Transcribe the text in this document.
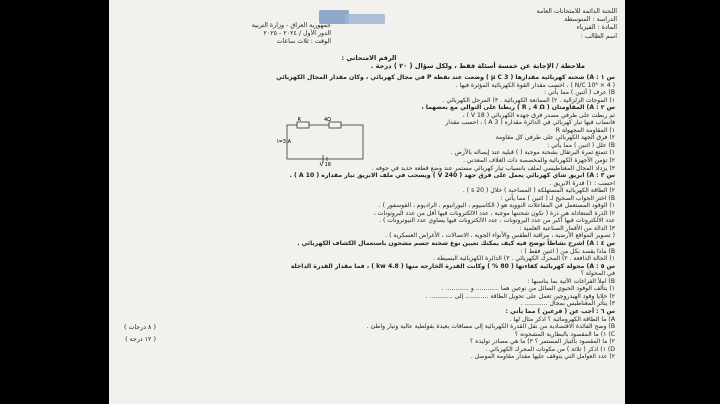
اللجنة الدائمة للامتحانات العامة
الدراسة : المتوسطة
المادة : الفيزياء
اسم الطالب :
جمهورية العراق - وزارة التربية
الدور الأول / ٢٠٢٤ - ٢٠٢٥
الوقت : ثلاث ساعات
الرقم الامتحاني :
ملاحظة / الإجابة عن خمسة أسئلة فقط ، ولكل سؤال ( ٢٠ ) درجة .
س ١ : A) شحنة كهربائية مقدارها ( 3 μ C ) وضعت عند نقطة P في مجال كهربائي ، وكان مقدار المجال الكهربائي
( 4 × 10⁶ N/C ) ، احسب مقدار القوة الكهربائية المؤثرة فيها .
B) عرف ( أثنين ) مما يأتي :
١) الموجات الزلزالية . ٢) الممانعة الكهربائية . ٣) المرحل الكهربائي .
س ٢ : A) المقاومتان ( R , 4 Ω ) ربطتا على التوالي مع بعضهما ،
ثم ربطت على طرفي مصدر فرق جهده الكهربائي ( 18 V ) ،
فانساب فيها تيار كهربائي في الدائرة مقداره ( 3 A ) ، احسب مقدار
١) المقاومة المجهولة R
٢) فرق الجهد الكهربائي على طرفي كل مقاومة
B) علل ( اثنين ) مما يأتي :
١) تتمتع ثمرة البرتقال بشحنة موجبة ( ) قبلية عند إيصاله بالأرض .
٢) تؤمن الأجهزة الكهربائية والمخصصة ذات الغلاف المعدني .
٣) يزداد المجال المغناطيسي لملف بانسياب تيار كهربائي مستمر عند وضع قطعة حديد في جوفه .
س ٣ : A) ابريق شاي كهربائي يعمل على فرق جهد ( 240 V ) ويسحب في ملف الابريق تيار مقداره ( 10 A ) .
احسب : ١) قدرة الابريق .
٢) الطاقة الكهربائية المستهلكة ( المصاحبة ) خلال ( 20 s ) .
B) اختر الجواب الصحيح لـ ( اثنين ) مما يأتي :
١) الوقود المستعمل في المفاعلات النووية هو ( الكاسيوم ، اليورانيوم ، الراديوم ، الفوسفور ) .
٢) الذرة المتعادلة هي ذرة ( تكون شحنتها موجبة ، عدد الالكترونات فيها أقل من عدد البروتونات ،
عدد الالكترونات فيها أكبر من عدد البروتونات ، عدد الالكترونات فيها يساوي عدد النيوترونات ) .
٣) الدالة من الأقمار الصناعية العلمية :
( تصوير المواقع الأرضية ، مراقبة الطقس والأنواء الجوية ، الاتصالات ، الأغراض العسكرية ) .
س ٤ : A) اشرح نشاطاً توضح فيه كيف يمكنك تعيين نوع شحنة جسم مشحون باستعمال الكشاف الكهربائي .
B) ماذا يقصد بكل من ( اثنين فقط ) :
١) الحالة الدافعة . ٢) المحرك الكهربائي . ٣) الدائرة الكهربائية البسيطة .
س ٥ : A) محولة كهربائية كفاءتها ( 80 % ) وكانت القدرة الخارجة منها ( 4.8 kw ) ، فما مقدار القدرة الداخلة
في المحولة ؟
B) املأ الفراغات الآتية بما يناسبها :
١) يتألف الوقود الحيوي السائل من نوعين هما ............ و ............ .
٢) خلايا وقود الهيدروجين تعمل على تحويل الطاقة ............ إلى ............ .
٣) يتأثر المغناطيس بمجال ............ .
س ٦ : أجب عن ( فرعين ) مما يأتي :
A) ما الطاقة الكهرومائية ؟ اذكر مثال لها .
B) وضح الفائدة الاقتصادية من نقل القدرة الكهربائية إلى مسافات بعيدة بفولطية عالية وتيار واطئ .
C) ١) ما المقصود بالبطارية المشحونة ؟
٢) ما المقصود بالتيار المستمر ؟ ٣) ما هي مصادر توليده ؟
D) ١) اذكر ( ثلاثة ) من مكونات المحرك الكهربائي .
٢) عدد العوامل التي يتوقف عليها مقدار مقاومة الموصل .
R	4Ω
I=3 A
18 V
( ٨ درجات )
( ١٢ درجة )
